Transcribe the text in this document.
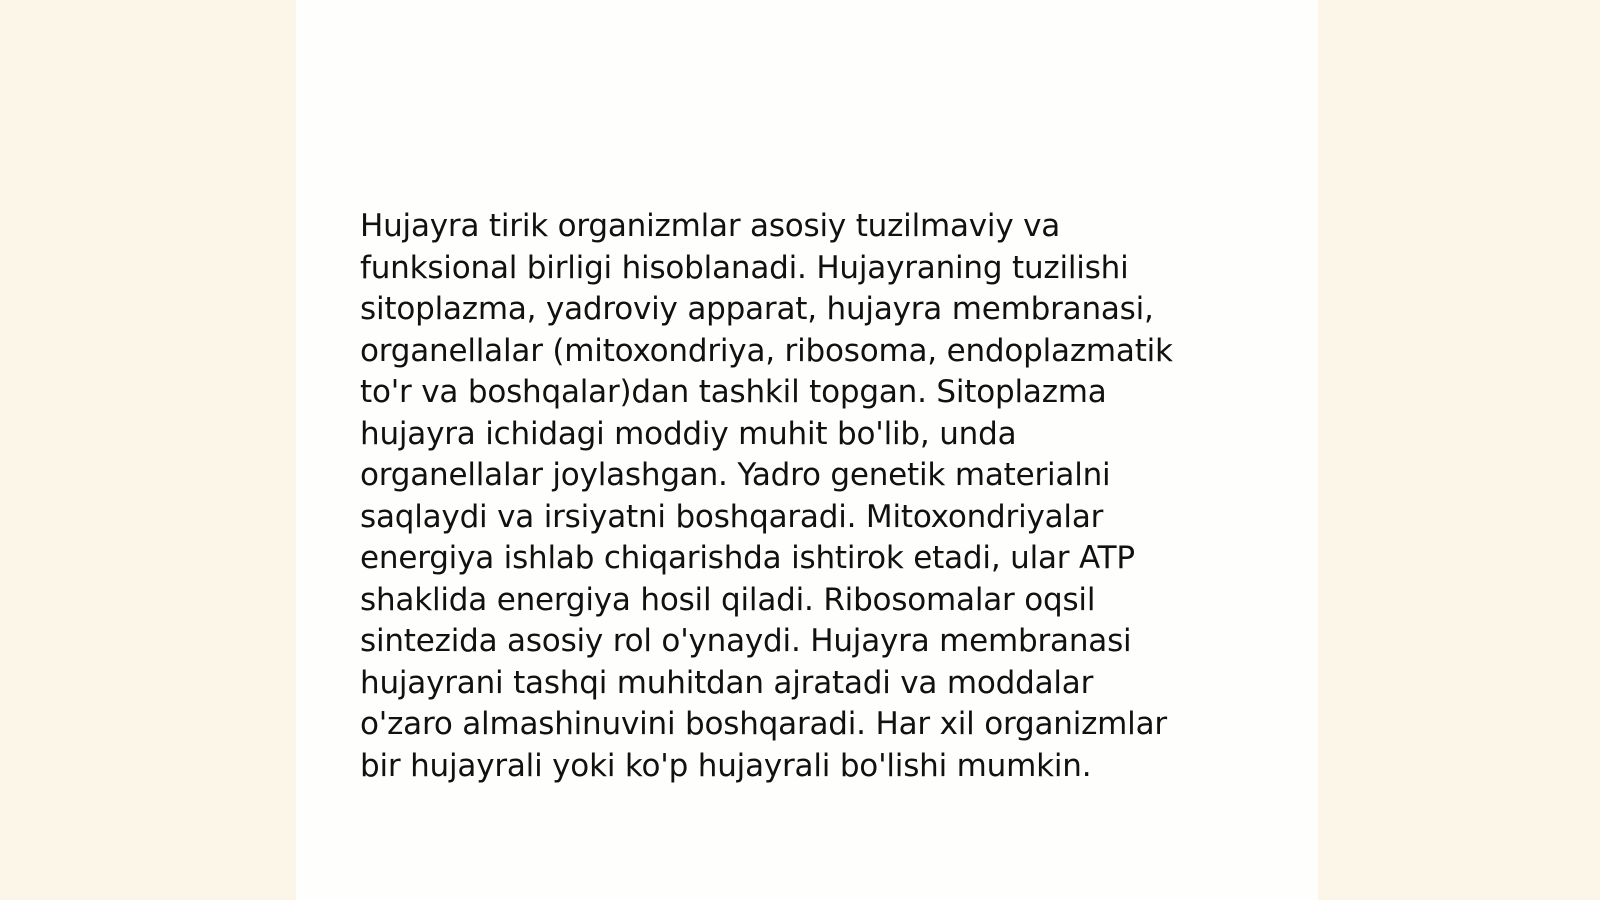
Hujayra tirik organizmlar asosiy tuzilmaviy va
funksional birligi hisoblanadi. Hujayraning tuzilishi
sitoplazma, yadroviy apparat, hujayra membranasi,
organellalar (mitoxondriya, ribosoma, endoplazmatik
to'r va boshqalar)dan tashkil topgan. Sitoplazma
hujayra ichidagi moddiy muhit bo'lib, unda
organellalar joylashgan. Yadro genetik materialni
saqlaydi va irsiyatni boshqaradi. Mitoxondriyalar
energiya ishlab chiqarishda ishtirok etadi, ular ATP
shaklida energiya hosil qiladi. Ribosomalar oqsil
sintezida asosiy rol o'ynaydi. Hujayra membranasi
hujayrani tashqi muhitdan ajratadi va moddalar
o'zaro almashinuvini boshqaradi. Har xil organizmlar
bir hujayrali yoki ko'p hujayrali bo'lishi mumkin.
